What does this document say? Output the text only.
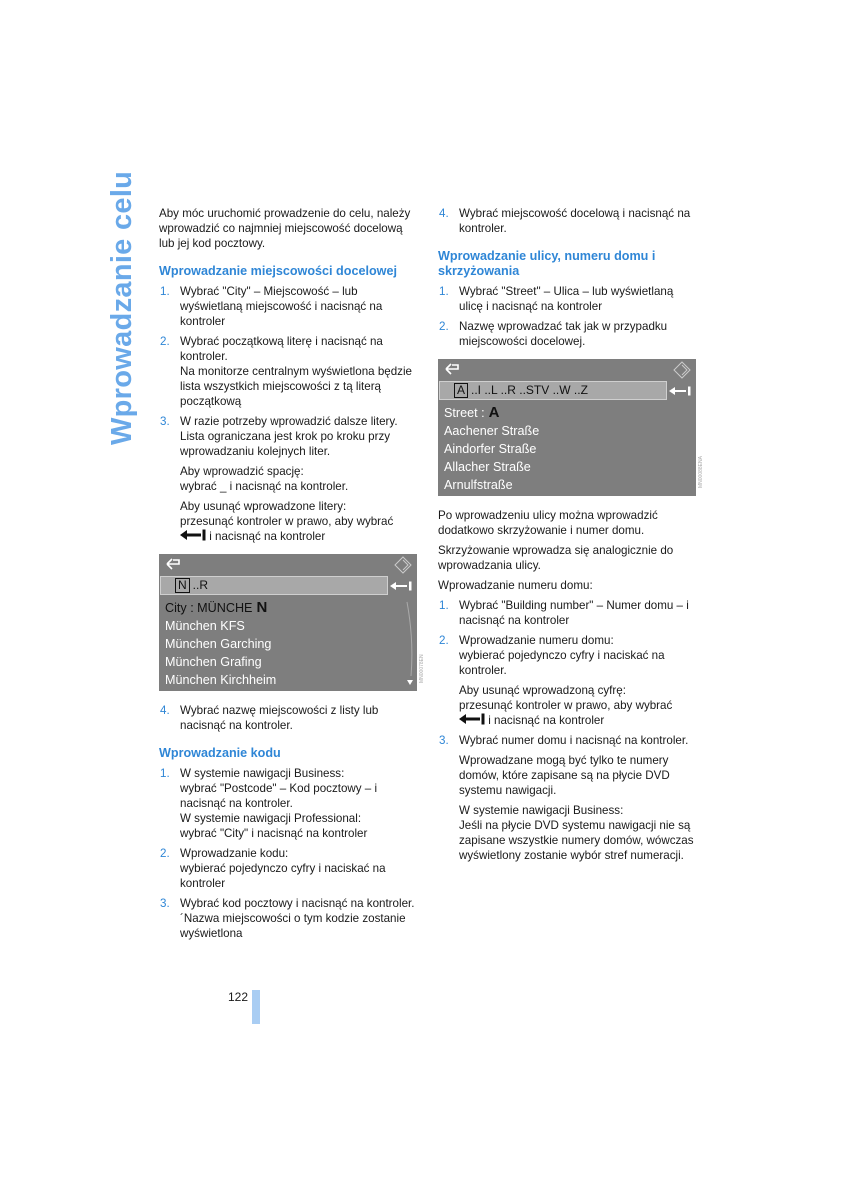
Wprowadzanie celu	Aby móc uruchomić prowadzenie do celu, należy wprowadzić co najmniej miejscowość docelową lub jej kod pocztowy.

Wprowadzanie miejscowości docelowej
1. Wybrać "City" – Miejscowość – lub wyświetlaną miejscowość i nacisnąć na kontroler
2. Wybrać początkową literę i nacisnąć na kontroler.
Na monitorze centralnym wyświetlona będzie lista wszystkich miejscowości z tą literą początkową
3. W razie potrzeby wprowadzić dalsze litery. Lista ograniczana jest krok po kroku przy wprowadzaniu kolejnych liter.
Aby wprowadzić spację:
wybrać _ i nacisnąć na kontroler.
Aby usunąć wprowadzone litery:
przesunąć kontroler w prawo, aby wybrać
i nacisnąć na kontroler
N ..R
City : MÜNCHE N
München KFS
München Garching
München Grafing
München Kirchheim	MN00078EN
4. Wybrać nazwę miejscowości z listy lub nacisnąć na kontroler.
Wprowadzanie kodu
1. W systemie nawigacji Business:
wybrać "Postcode" – Kod pocztowy – i nacisnąć na kontroler.
W systemie nawigacji Professional:
wybrać "City" i nacisnąć na kontroler
2. Wprowadzanie kodu:
wybierać pojedynczo cyfry i naciskać na kontroler
3. Wybrać kod pocztowy i nacisnąć na kontroler.´Nazwa miejscowości o tym kodzie zostanie wyświetlona
4. Wybrać miejscowość docelową i nacisnąć na kontroler.
Wprowadzanie ulicy, numeru domu i skrzyżowania
1. Wybrać "Street" – Ulica – lub wyświetlaną ulicę i nacisnąć na kontroler
2. Nazwę wprowadzać tak jak w przypadku miejscowości docelowej.
A ..I ..L ..R ..STV ..W ..Z
Street : A
Aachener Straße
Aindorfer Straße
Allacher Straße
Arnulfstraße	MN00088ENA

Po wprowadzeniu ulicy można wprowadzić dodatkowo skrzyżowanie i numer domu.

Skrzyżowanie wprowadza się analogicznie do wprowadzania ulicy.

Wprowadzanie numeru domu:

1. Wybrać "Building number" – Numer domu – i nacisnąć na kontroler
2. Wprowadzanie numeru domu:
wybierać pojedynczo cyfry i naciskać na kontroler.
Aby usunąć wprowadzoną cyfrę:
przesunąć kontroler w prawo, aby wybrać
i nacisnąć na kontroler
3. Wybrać numer domu i nacisnąć na kontroler.
Wprowadzane mogą być tylko te numery domów, które zapisane są na płycie DVD systemu nawigacji.
W systemie nawigacji Business:
Jeśli na płycie DVD systemu nawigacji nie są zapisane wszystkie numery domów, wówczas wyświetlony zostanie wybór stref numeracji.
122
